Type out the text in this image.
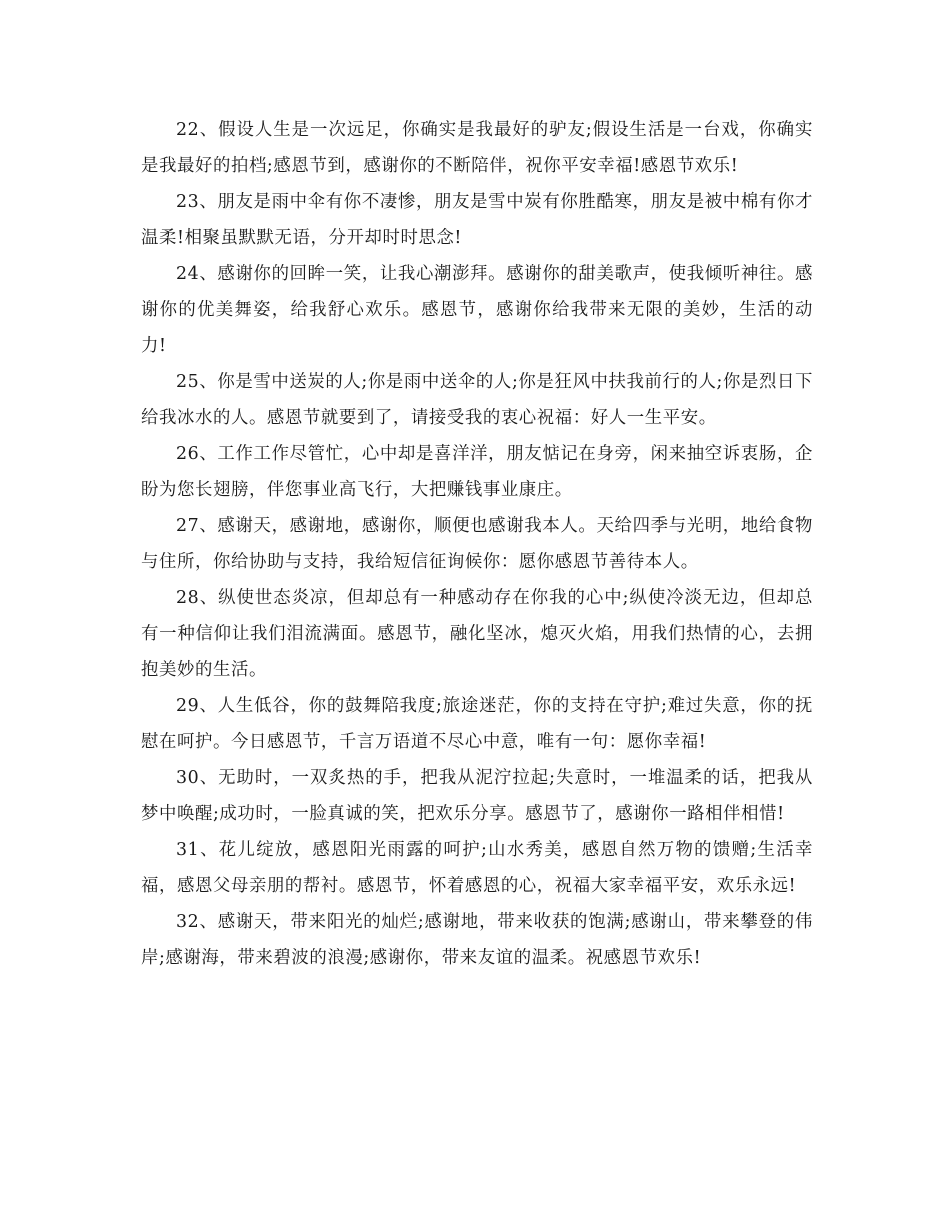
22、假设人生是一次远足，你确实是我最好的驴友;假设生活是一台戏，你确实是我最好的拍档;感恩节到，感谢你的不断陪伴，祝你平安幸福!感恩节欢乐!

23、朋友是雨中伞有你不凄惨，朋友是雪中炭有你胜酷寒，朋友是被中棉有你才温柔!相聚虽默默无语，分开却时时思念!

24、感谢你的回眸一笑，让我心潮澎拜。感谢你的甜美歌声，使我倾听神往。感谢你的优美舞姿，给我舒心欢乐。感恩节，感谢你给我带来无限的美妙，生活的动力!

25、你是雪中送炭的人;你是雨中送伞的人;你是狂风中扶我前行的人;你是烈日下给我冰水的人。感恩节就要到了，请接受我的衷心祝福：好人一生平安。

26、工作工作尽管忙，心中却是喜洋洋，朋友惦记在身旁，闲来抽空诉衷肠，企盼为您长翅膀，伴您事业高飞行，大把赚钱事业康庄。

27、感谢天，感谢地，感谢你，顺便也感谢我本人。天给四季与光明，地给食物与住所，你给协助与支持，我给短信征询候你：愿你感恩节善待本人。

28、纵使世态炎凉，但却总有一种感动存在你我的心中;纵使冷淡无边，但却总有一种信仰让我们泪流满面。感恩节，融化坚冰，熄灭火焰，用我们热情的心，去拥抱美妙的生活。

29、人生低谷，你的鼓舞陪我度;旅途迷茫，你的支持在守护;难过失意，你的抚慰在呵护。今日感恩节，千言万语道不尽心中意，唯有一句：愿你幸福!

30、无助时，一双炙热的手，把我从泥泞拉起;失意时，一堆温柔的话，把我从梦中唤醒;成功时，一脸真诚的笑，把欢乐分享。感恩节了，感谢你一路相伴相惜!

31、花儿绽放，感恩阳光雨露的呵护;山水秀美，感恩自然万物的馈赠;生活幸福，感恩父母亲朋的帮衬。感恩节，怀着感恩的心，祝福大家幸福平安，欢乐永远!

32、感谢天，带来阳光的灿烂;感谢地，带来收获的饱满;感谢山，带来攀登的伟岸;感谢海，带来碧波的浪漫;感谢你，带来友谊的温柔。祝感恩节欢乐!
